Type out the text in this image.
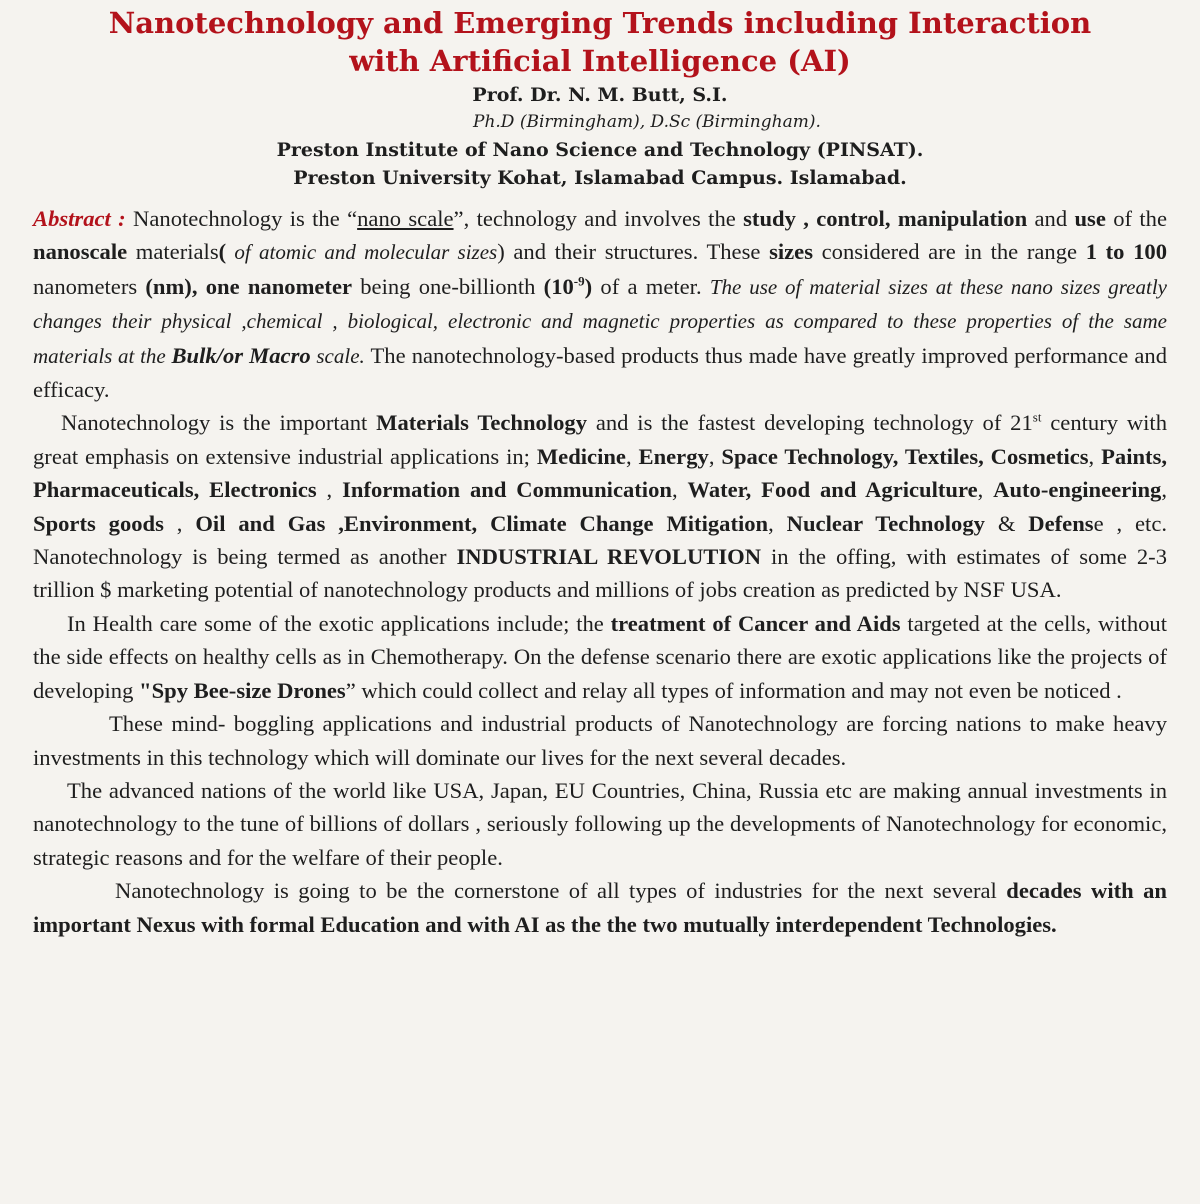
Nanotechnology and Emerging Trends including Interaction
with Artificial Intelligence (AI)
Prof. Dr. N. M. Butt, S.I.
Ph.D (Birmingham), D.Sc (Birmingham).
Preston Institute of Nano Science and Technology (PINSAT).
Preston University Kohat, Islamabad Campus. Islamabad.

Abstract : Nanotechnology is the “nano scale”, technology and involves the study , control, manipulation and use of the nanoscale materials( of atomic and molecular sizes) and their structures. These sizes considered are in the range 1 to 100 nanometers (nm), one nanometer being one-billionth $(10^{-9})$ of a meter. The use of material sizes at these nano sizes greatly changes their physical ,chemical , biological, electronic and magnetic properties as compared to these properties of the same materials at the Bulk/or Macro scale. The nanotechnology-based products thus made have greatly improved performance and efficacy.

Nanotechnology is the important Materials Technology and is the fastest developing technology of 21st century with great emphasis on extensive industrial applications in; Medicine, Energy, Space Technology, Textiles, Cosmetics, Paints, Pharmaceuticals, Electronics , Information and Communication, Water, Food and Agriculture, Auto-engineering, Sports goods , Oil and Gas ,Environment, Climate Change Mitigation, Nuclear Technology & Defense , etc. Nanotechnology is being termed as another INDUSTRIAL REVOLUTION in the offing, with estimates of some 2-3 trillion $ marketing potential of nanotechnology products and millions of jobs creation as predicted by NSF USA.

In Health care some of the exotic applications include; the treatment of Cancer and Aids targeted at the cells, without the side effects on healthy cells as in Chemotherapy. On the defense scenario there are exotic applications like the projects of developing "Spy Bee-size Drones” which could collect and relay all types of information and may not even be noticed .

These mind- boggling applications and industrial products of Nanotechnology are forcing nations to make heavy investments in this technology which will dominate our lives for the next several decades.

The advanced nations of the world like USA, Japan, EU Countries, China, Russia etc are making annual investments in nanotechnology to the tune of billions of dollars , seriously following up the developments of Nanotechnology for economic, strategic reasons and for the welfare of their people.

Nanotechnology is going to be the cornerstone of all types of industries for the next several decades with an important Nexus with formal Education and with AI as the the two mutually interdependent Technologies.
